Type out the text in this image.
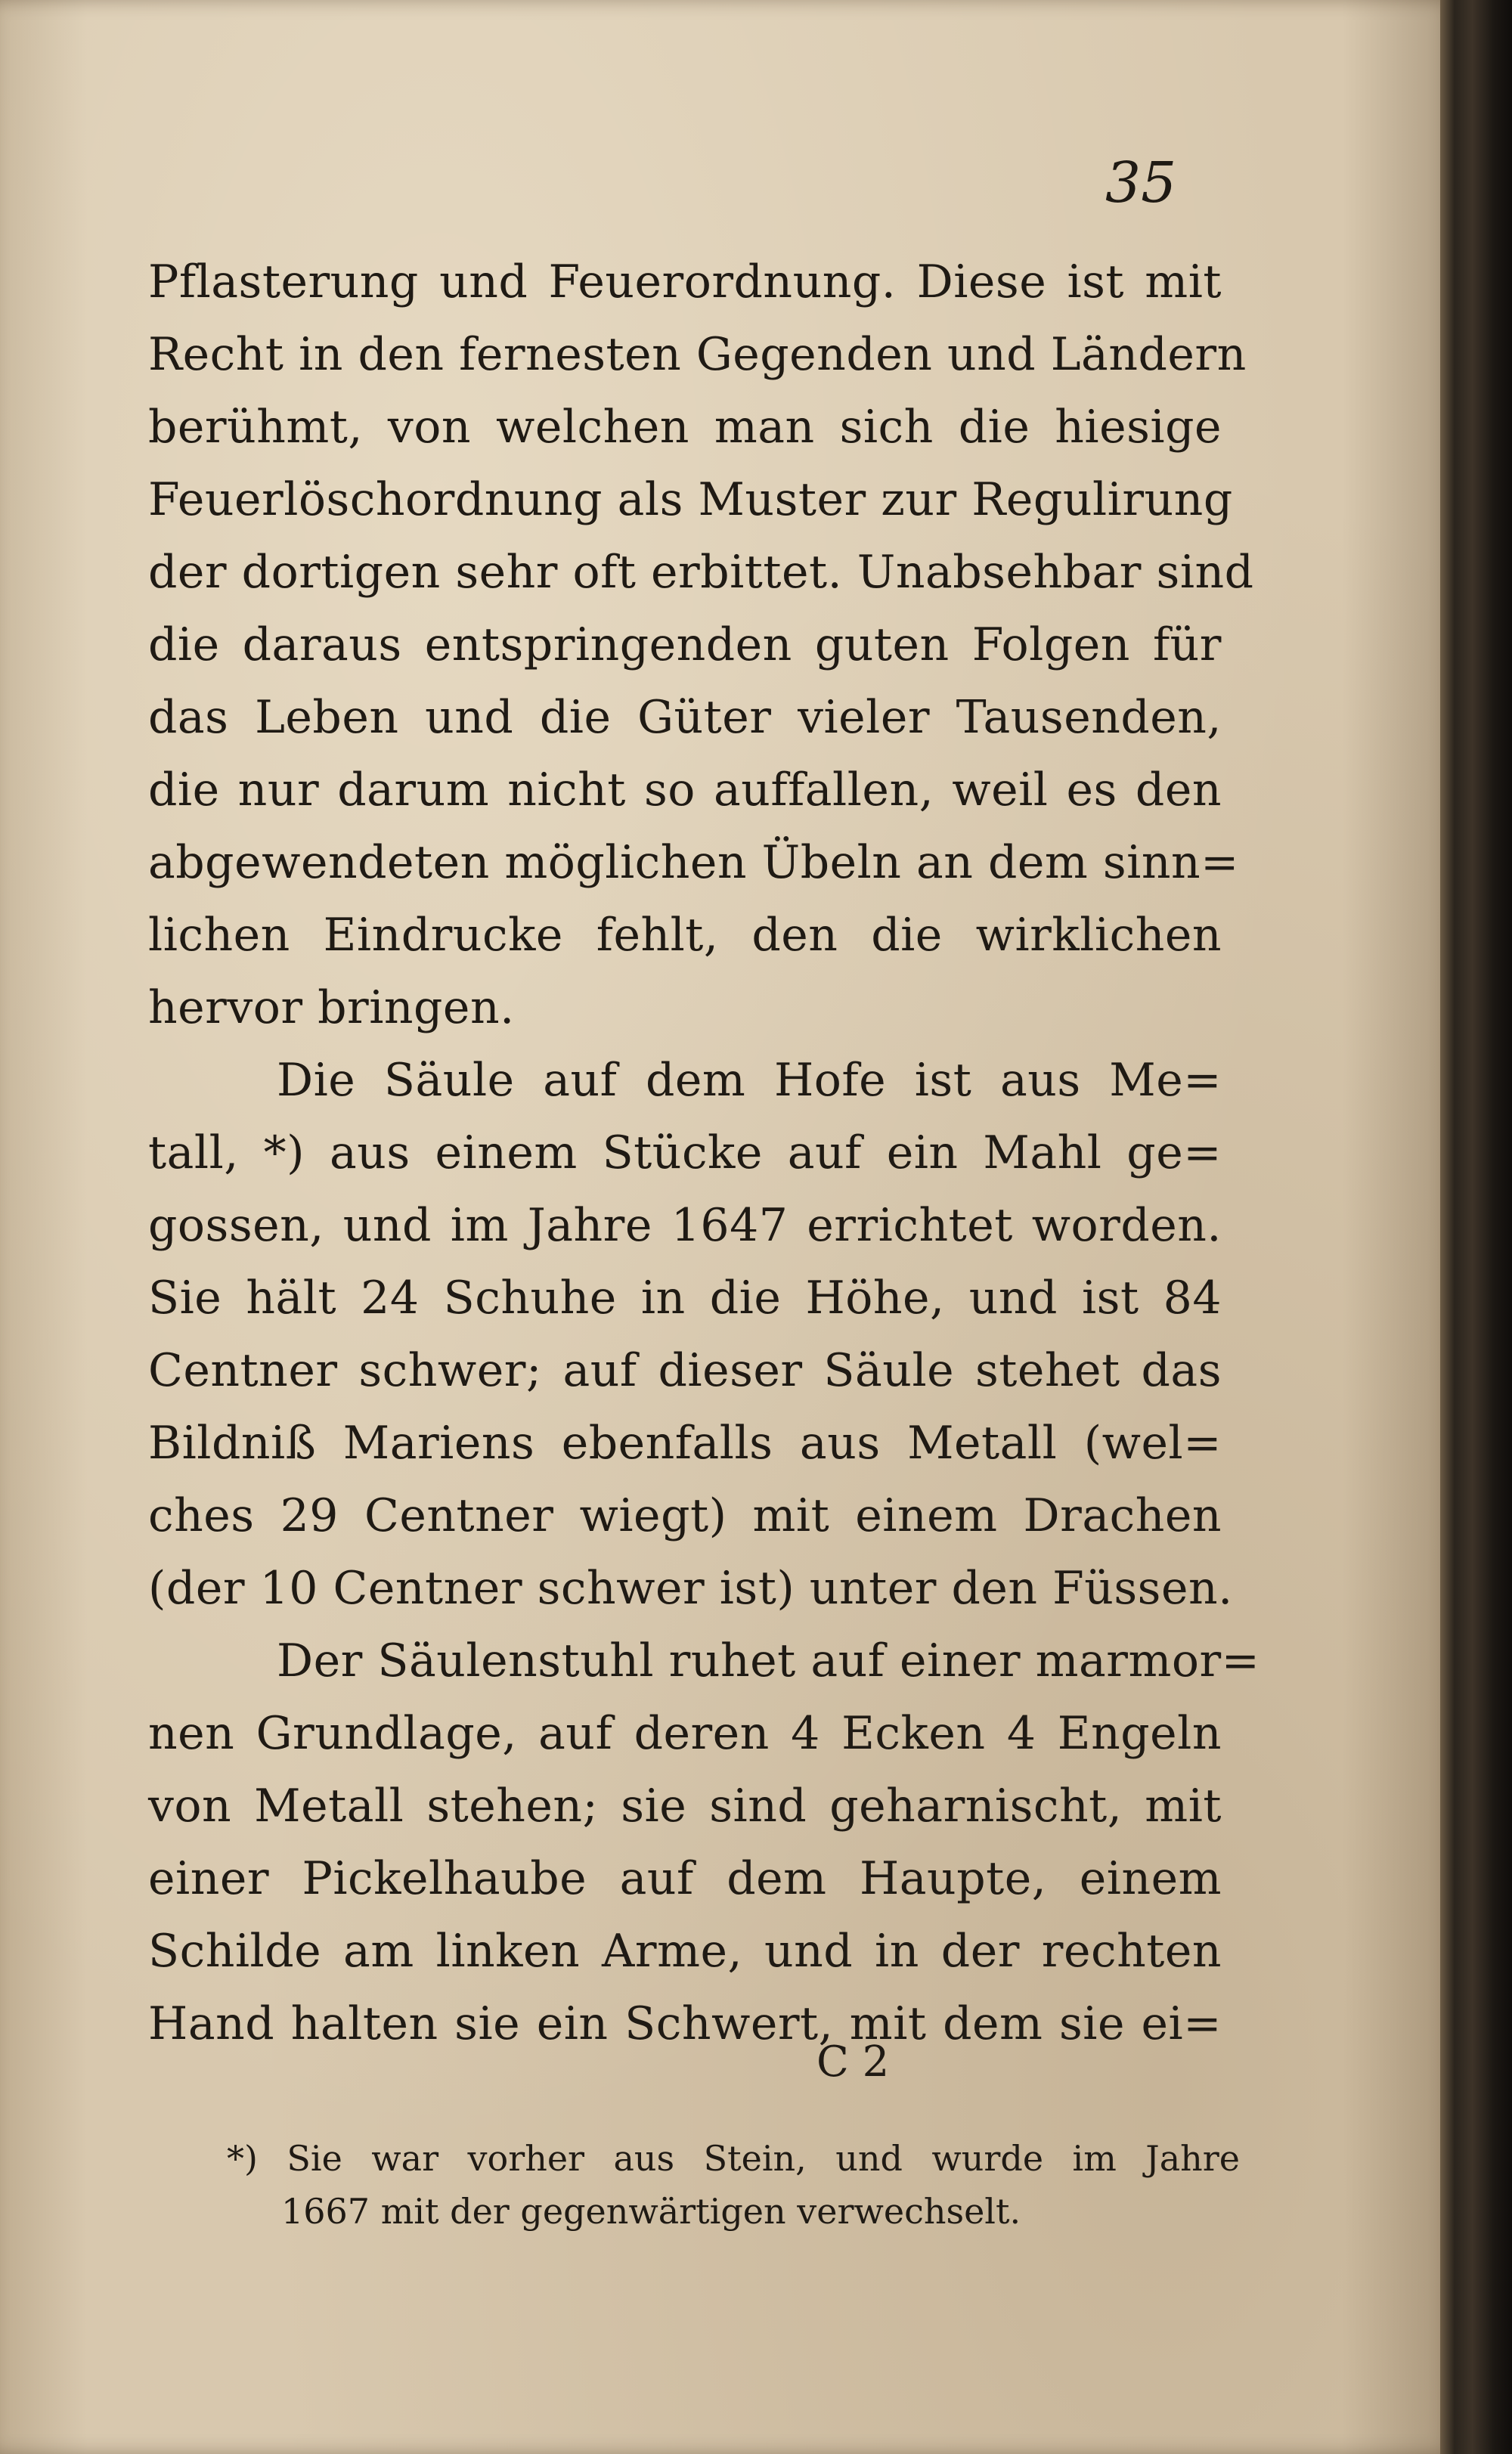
35
Pflasterung und Feuerordnung. Diese ist mit
Recht in den fernesten Gegenden und Ländern
berühmt, von welchen man sich die hiesige
Feuerlöschordnung als Muster zur Regulirung
der dortigen sehr oft erbittet. Unabsehbar sind
die daraus entspringenden guten Folgen für
das Leben und die Güter vieler Tausenden,
die nur darum nicht so auffallen, weil es den
abgewendeten möglichen Übeln an dem sinn=
lichen Eindrucke fehlt, den die wirklichen
hervor bringen.
Die Säule auf dem Hofe ist aus Me=
tall, *) aus einem Stücke auf ein Mahl ge=
gossen, und im Jahre 1647 errichtet worden.
Sie hält 24 Schuhe in die Höhe, und ist 84
Centner schwer; auf dieser Säule stehet das
Bildniß Mariens ebenfalls aus Metall (wel=
ches 29 Centner wiegt) mit einem Drachen
(der 10 Centner schwer ist) unter den Füssen.
Der Säulenstuhl ruhet auf einer marmor=
nen Grundlage, auf deren 4 Ecken 4 Engeln
von Metall stehen; sie sind geharnischt, mit
einer Pickelhaube auf dem Haupte, einem
Schilde am linken Arme, und in der rechten
Hand halten sie ein Schwert, mit dem sie ei=
C 2
*) Sie war vorher aus Stein, und wurde im Jahre
1667 mit der gegenwärtigen verwechselt.
